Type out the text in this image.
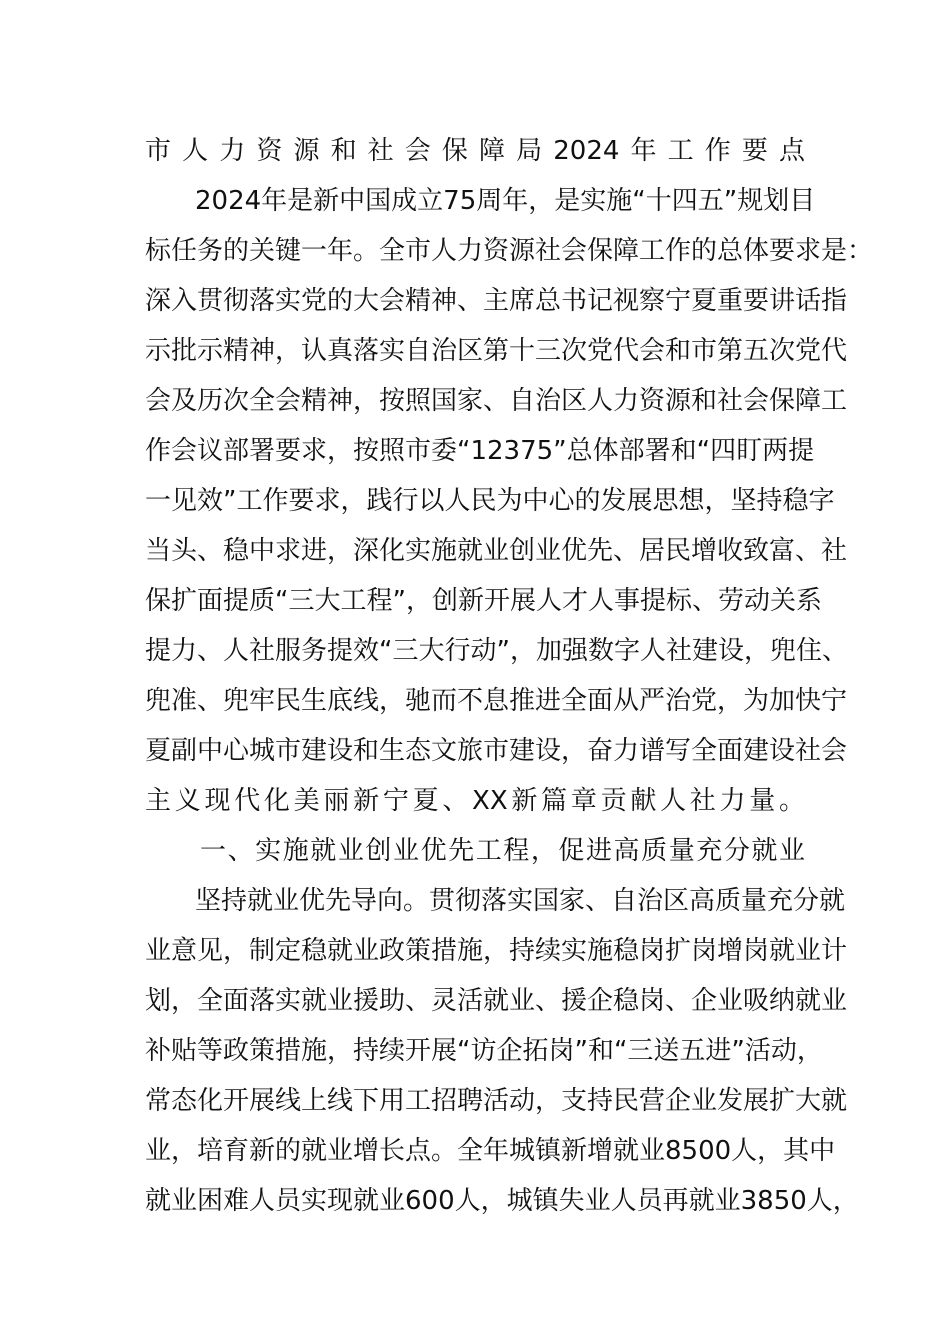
市人力资源和社会保障局2024年工作要点
2024年是新中国成立75周年，是实施“十四五”规划目
标任务的关键一年。全市人力资源社会保障工作的总体要求是：
深入贯彻落实党的大会精神、主席总书记视察宁夏重要讲话指
示批示精神，认真落实自治区第十三次党代会和市第五次党代
会及历次全会精神，按照国家、自治区人力资源和社会保障工
作会议部署要求，按照市委“12375”总体部署和“四盯两提
一见效”工作要求，践行以人民为中心的发展思想，坚持稳字
当头、稳中求进，深化实施就业创业优先、居民增收致富、社
保扩面提质“三大工程”，创新开展人才人事提标、劳动关系
提力、人社服务提效“三大行动”，加强数字人社建设，兜住、
兜准、兜牢民生底线，驰而不息推进全面从严治党，为加快宁
夏副中心城市建设和生态文旅市建设，奋力谱写全面建设社会
主义现代化美丽新宁夏、XX新篇章贡献人社力量。
一、实施就业创业优先工程，促进高质量充分就业
坚持就业优先导向。贯彻落实国家、自治区高质量充分就
业意见，制定稳就业政策措施，持续实施稳岗扩岗增岗就业计
划，全面落实就业援助、灵活就业、援企稳岗、企业吸纳就业
补贴等政策措施，持续开展“访企拓岗”和“三送五进”活动，
常态化开展线上线下用工招聘活动，支持民营企业发展扩大就
业，培育新的就业增长点。全年城镇新增就业8500人，其中
就业困难人员实现就业600人，城镇失业人员再就业3850人，
